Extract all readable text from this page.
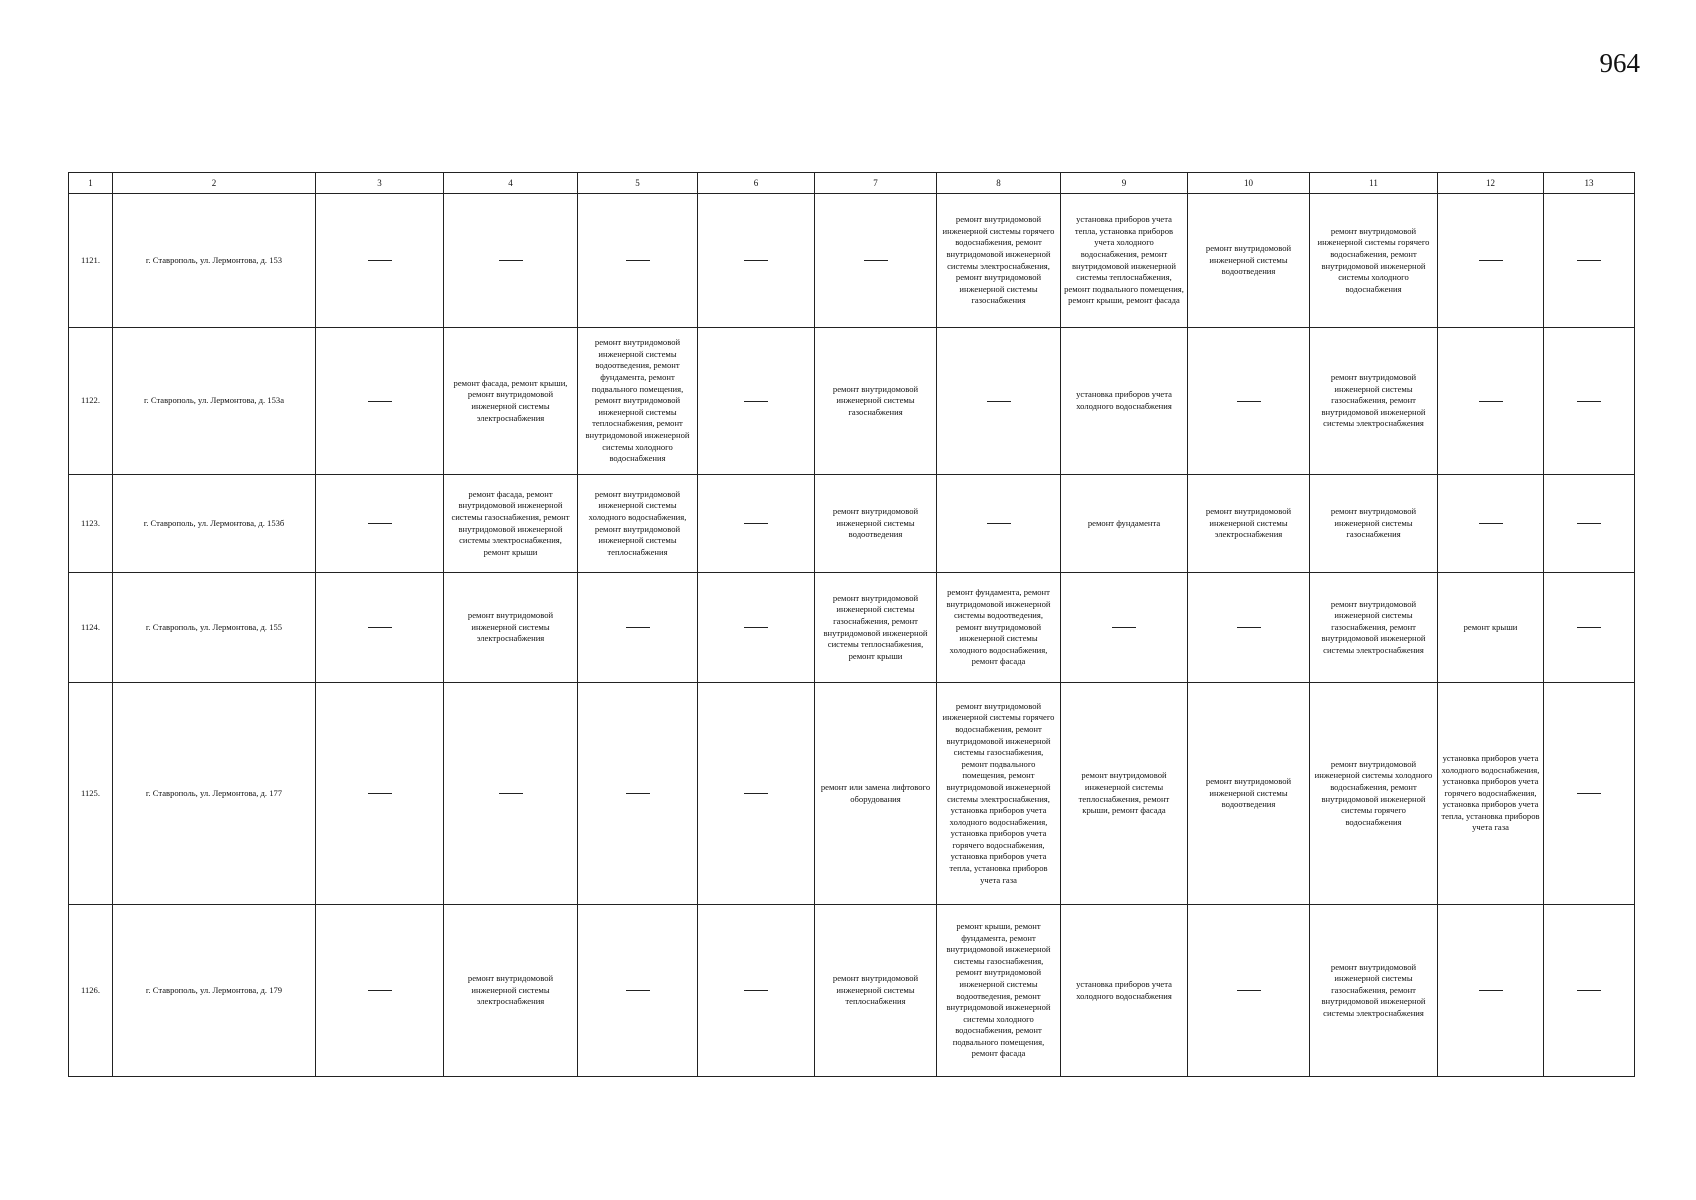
964
1	2	3	4	5	6	7	8	9	10	11	12	13
1121.	г. Ставрополь, ул. Лермонтова, д. 153						ремонт внутридомовой инженерной системы горячего водоснабжения, ремонт внутридомовой инженерной системы электроснабжения, ремонт внутридомовой инженерной системы газоснабжения	установка приборов учета тепла, установка приборов учета холодного водоснабжения, ремонт внутридомовой инженерной системы теплоснабжения, ремонт подвального помещения, ремонт крыши, ремонт фасада	ремонт внутридомовой инженерной системы водоотведения	ремонт внутридомовой инженерной системы горячего водоснабжения, ремонт внутридомовой инженерной системы холодного водоснабжения		
1122.	г. Ставрополь, ул. Лермонтова, д. 153а		ремонт фасада, ремонт крыши, ремонт внутридомовой инженерной системы электроснабжения	ремонт внутридомовой инженерной системы водоотведения, ремонт фундамента, ремонт подвального помещения, ремонт внутридомовой инженерной системы теплоснабжения, ремонт внутридомовой инженерной системы холодного водоснабжения		ремонт внутридомовой инженерной системы газоснабжения		установка приборов учета холодного водоснабжения		ремонт внутридомовой инженерной системы газоснабжения, ремонт внутридомовой инженерной системы электроснабжения		
1123.	г. Ставрополь, ул. Лермонтова, д. 153б		ремонт фасада, ремонт внутридомовой инженерной системы газоснабжения, ремонт внутридомовой инженерной системы электроснабжения, ремонт крыши	ремонт внутридомовой инженерной системы холодного водоснабжения, ремонт внутридомовой инженерной системы теплоснабжения		ремонт внутридомовой инженерной системы водоотведения		ремонт фундамента	ремонт внутридомовой инженерной системы электроснабжения	ремонт внутридомовой инженерной системы газоснабжения		
1124.	г. Ставрополь, ул. Лермонтова, д. 155		ремонт внутридомовой инженерной системы электроснабжения			ремонт внутридомовой инженерной системы газоснабжения, ремонт внутридомовой инженерной системы теплоснабжения, ремонт крыши	ремонт фундамента, ремонт внутридомовой инженерной системы водоотведения, ремонт внутридомовой инженерной системы холодного водоснабжения, ремонт фасада			ремонт внутридомовой инженерной системы газоснабжения, ремонт внутридомовой инженерной системы электроснабжения	ремонт крыши	
1125.	г. Ставрополь, ул. Лермонтова, д. 177					ремонт или замена лифтового оборудования	ремонт внутридомовой инженерной системы горячего водоснабжения, ремонт внутридомовой инженерной системы газоснабжения, ремонт подвального помещения, ремонт внутридомовой инженерной системы электроснабжения, установка приборов учета холодного водоснабжения, установка приборов учета горячего водоснабжения, установка приборов учета тепла, установка приборов учета газа	ремонт внутридомовой инженерной системы теплоснабжения, ремонт крыши, ремонт фасада	ремонт внутридомовой инженерной системы водоотведения	ремонт внутридомовой инженерной системы холодного водоснабжения, ремонт внутридомовой инженерной системы горячего водоснабжения	установка приборов учета холодного водоснабжения, установка приборов учета горячего водоснабжения, установка приборов учета тепла, установка приборов учета газа	
1126.	г. Ставрополь, ул. Лермонтова, д. 179		ремонт внутридомовой инженерной системы электроснабжения			ремонт внутридомовой инженерной системы теплоснабжения	ремонт крыши, ремонт фундамента, ремонт внутридомовой инженерной системы газоснабжения, ремонт внутридомовой инженерной системы водоотведения, ремонт внутридомовой инженерной системы холодного водоснабжения, ремонт подвального помещения, ремонт фасада	установка приборов учета холодного водоснабжения		ремонт внутридомовой инженерной системы газоснабжения, ремонт внутридомовой инженерной системы электроснабжения		
